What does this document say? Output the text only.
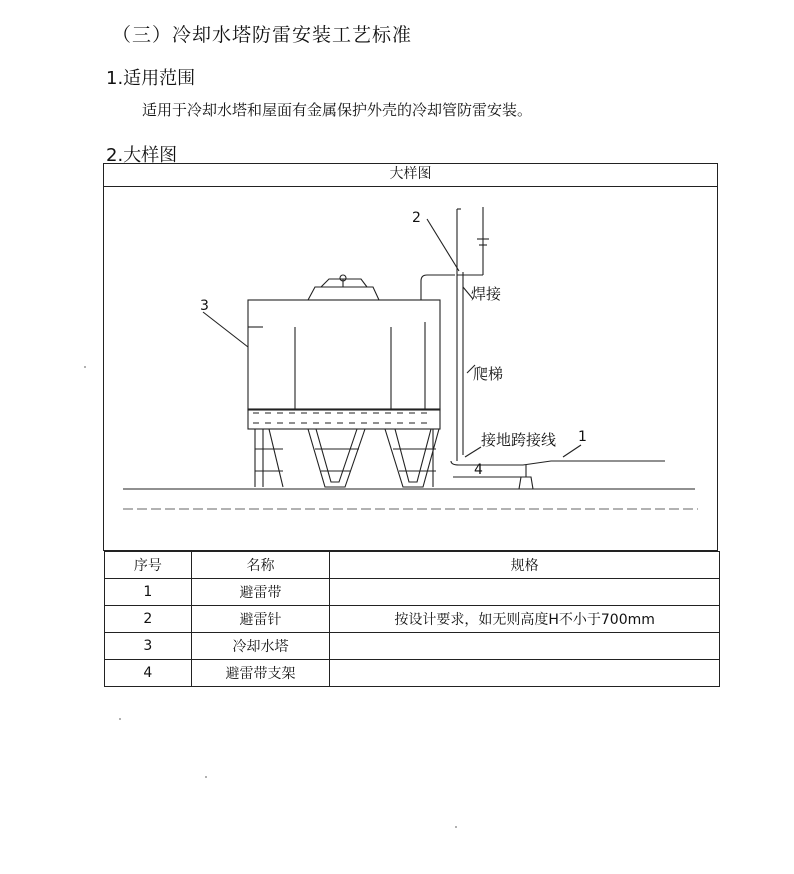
（三）冷却水塔防雷安装工艺标准
1.适用范围
适用于冷却水塔和屋面有金属保护外壳的冷却管防雷安装。
2.大样图
大样图
2
3
焊接
爬梯
接地跨接线 1
4
序号	名称	规格
1	避雷带	
2	避雷针	按设计要求，如无则高度H不小于700mm
3	冷却水塔	
4	避雷带支架	
